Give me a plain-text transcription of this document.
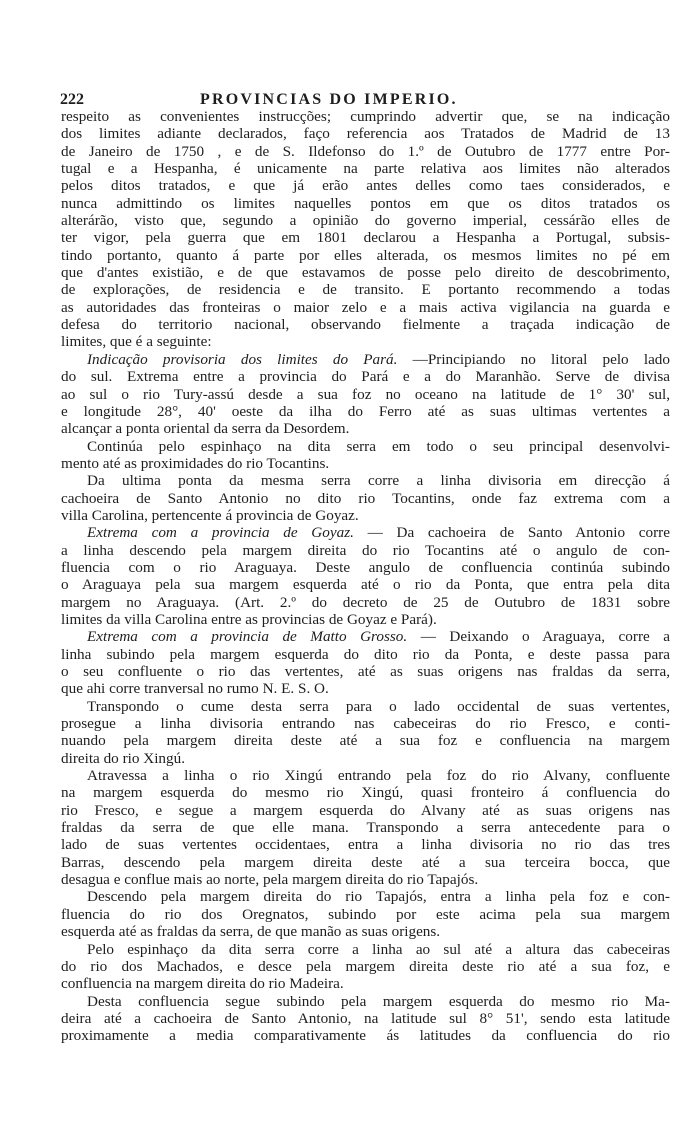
222	PROVINCIAS DO IMPERIO.
respeito as convenientes instrucções; cumprindo advertir que, se na indicação
dos limites adiante declarados, faço referencia aos Tratados de Madrid de 13
de Janeiro de 1750 , e de S. Ildefonso do 1.º de Outubro de 1777 entre Por-
tugal e a Hespanha, é unicamente na parte relativa aos limites não alterados
pelos ditos tratados, e que já erão antes delles como taes considerados, e
nunca admittindo os limites naquelles pontos em que os ditos tratados os
alterárão, visto que, segundo a opinião do governo imperial, cessárão elles de
ter vigor, pela guerra que em 1801 declarou a Hespanha a Portugal, subsis-
tindo portanto, quanto á parte por elles alterada, os mesmos limites no pé em
que d'antes existião, e de que estavamos de posse pelo direito de descobrimento,
de explorações, de residencia e de transito. E portanto recommendo a todas
as autoridades das fronteiras o maior zelo e a mais activa vigilancia na guarda e
defesa do territorio nacional, observando fielmente a traçada indicação de
limites, que é a seguinte:
Indicação provisoria dos limites do Pará. —Principiando no litoral pelo lado
do sul. Extrema entre a provincia do Pará e a do Maranhão. Serve de divisa
ao sul o rio Tury-assú desde a sua foz no oceano na latitude de 1° 30' sul,
e longitude 28°, 40' oeste da ilha do Ferro até as suas ultimas vertentes a
alcançar a ponta oriental da serra da Desordem.
Continúa pelo espinhaço na dita serra em todo o seu principal desenvolvi-
mento até as proximidades do rio Tocantins.
Da ultima ponta da mesma serra corre a linha divisoria em direcção á
cachoeira de Santo Antonio no dito rio Tocantins, onde faz extrema com a
villa Carolina, pertencente á provincia de Goyaz.
Extrema com a provincia de Goyaz. — Da cachoeira de Santo Antonio corre
a linha descendo pela margem direita do rio Tocantins até o angulo de con-
fluencia com o rio Araguaya. Deste angulo de confluencia continúa subindo
o Araguaya pela sua margem esquerda até o rio da Ponta, que entra pela dita
margem no Araguaya. (Art. 2.º do decreto de 25 de Outubro de 1831 sobre
limites da villa Carolina entre as provincias de Goyaz e Pará).
Extrema com a provincia de Matto Grosso. — Deixando o Araguaya, corre a
linha subindo pela margem esquerda do dito rio da Ponta, e deste passa para
o seu confluente o rio das vertentes, até as suas origens nas fraldas da serra,
que ahi corre tranversal no rumo N. E. S. O.
Transpondo o cume desta serra para o lado occidental de suas vertentes,
prosegue a linha divisoria entrando nas cabeceiras do rio Fresco, e conti-
nuando pela margem direita deste até a sua foz e confluencia na margem
direita do rio Xingú.
Atravessa a linha o rio Xingú entrando pela foz do rio Alvany, confluente
na margem esquerda do mesmo rio Xingú, quasi fronteiro á confluencia do
rio Fresco, e segue a margem esquerda do Alvany até as suas origens nas
fraldas da serra de que elle mana. Transpondo a serra antecedente para o
lado de suas vertentes occidentaes, entra a linha divisoria no rio das tres
Barras, descendo pela margem direita deste até a sua terceira bocca, que
desagua e conflue mais ao norte, pela margem direita do rio Tapajós.
Descendo pela margem direita do rio Tapajós, entra a linha pela foz e con-
fluencia do rio dos Oregnatos, subindo por este acima pela sua margem
esquerda até as fraldas da serra, de que manão as suas origens.
Pelo espinhaço da dita serra corre a linha ao sul até a altura das cabeceiras
do rio dos Machados, e desce pela margem direita deste rio até a sua foz, e
confluencia na margem direita do rio Madeira.
Desta confluencia segue subindo pela margem esquerda do mesmo rio Ma-
deira até a cachoeira de Santo Antonio, na latitude sul 8° 51', sendo esta latitude
proximamente a media comparativamente ás latitudes da confluencia do rio
